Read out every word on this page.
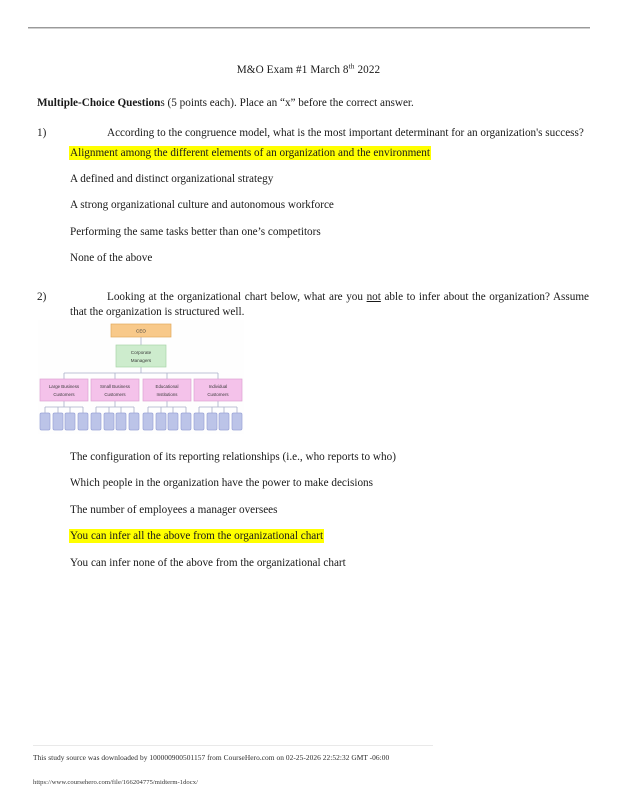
M&O Exam #1 March 8th 2022
Multiple-Choice Questions (5 points each). Place an “x” before the correct answer.
1)	According to the congruence model, what is the most important determinant for an organization's success?
Alignment among the different elements of an organization and the environment
A defined and distinct organizational strategy
A strong organizational culture and autonomous workforce
Performing the same tasks better than one’s competitors
None of the above
2)	Looking at the organizational chart below, what are you not able to infer about the organization? Assume that the organization is structured well.
CEO
Corporate
Managers
Large Business
Customers
Small Business
Customers
Educational
Institutions
Individual
Customers
The configuration of its reporting relationships (i.e., who reports to who)
Which people in the organization have the power to make decisions
The number of employees a manager oversees
You can infer all the above from the organizational chart
You can infer none of the above from the organizational chart
This study source was downloaded by 100000900501157 from CourseHero.com on 02-25-2026 22:52:32 GMT -06:00
https://www.coursehero.com/file/166204775/midterm-1docx/
